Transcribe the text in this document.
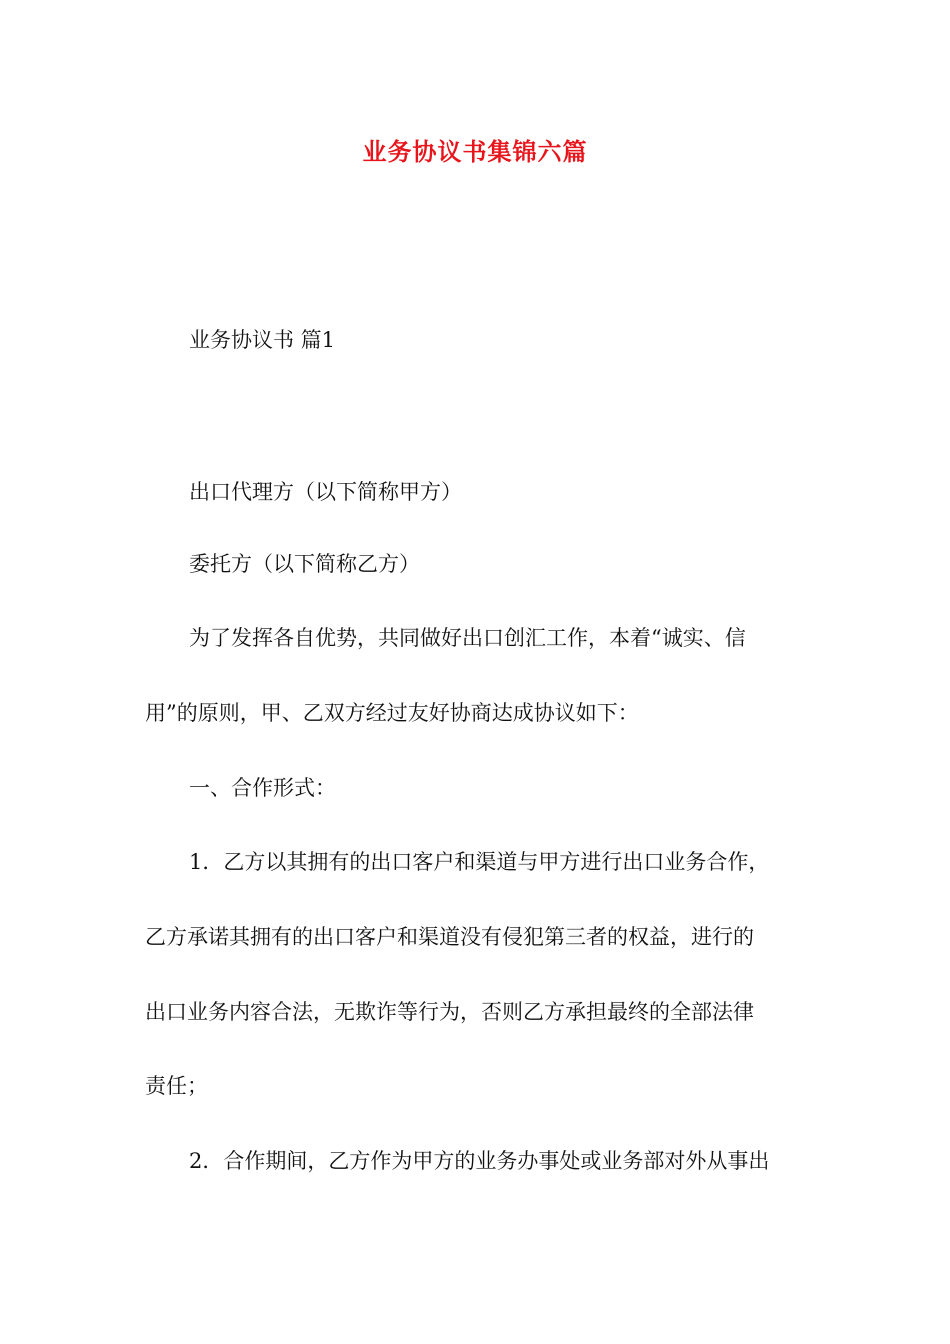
业务协议书集锦六篇
业务协议书 篇1
出口代理方（以下简称甲方）
委托方（以下简称乙方）
为了发挥各自优势，共同做好出口创汇工作，本着“诚实、信
用”的原则，甲、乙双方经过友好协商达成协议如下：
一、合作形式：
1．乙方以其拥有的出口客户和渠道与甲方进行出口业务合作，
乙方承诺其拥有的出口客户和渠道没有侵犯第三者的权益，进行的
出口业务内容合法，无欺诈等行为，否则乙方承担最终的全部法律
责任；
2．合作期间，乙方作为甲方的业务办事处或业务部对外从事出
